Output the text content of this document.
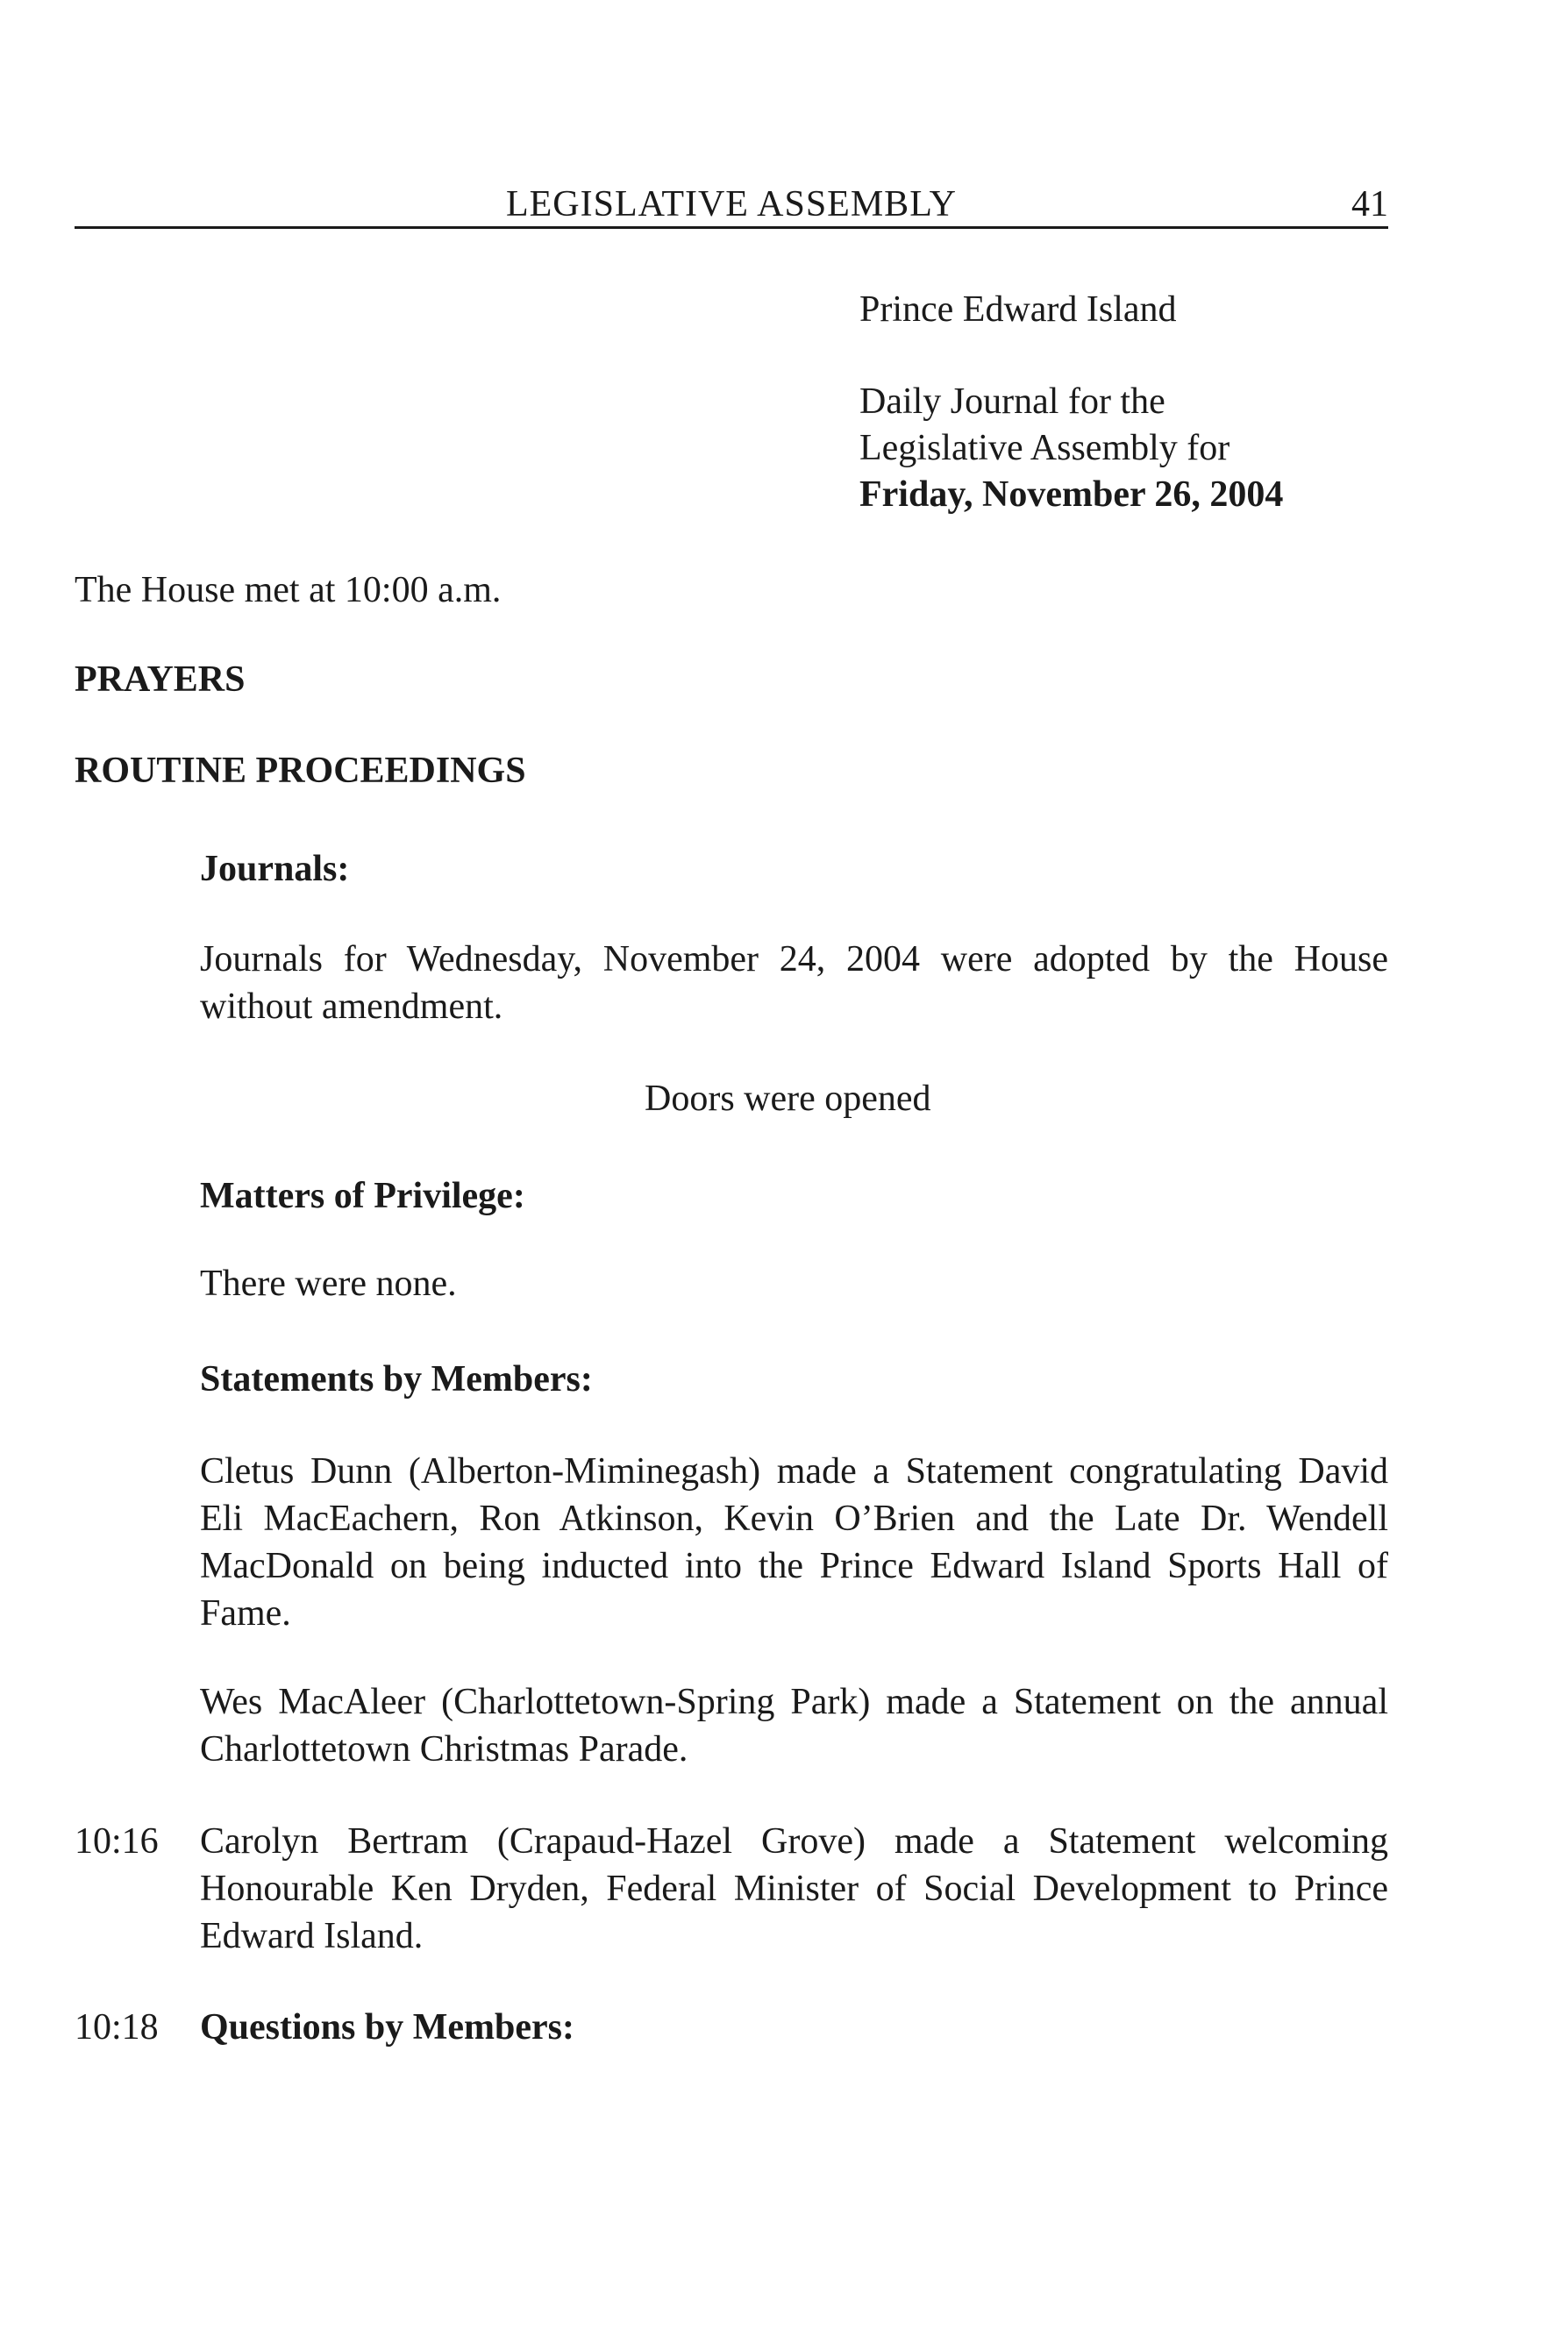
LEGISLATIVE ASSEMBLY	41
Prince Edward Island
Daily Journal for the
Legislative Assembly for
Friday, November 26, 2004
The House met at 10:00 a.m.
PRAYERS
ROUTINE PROCEEDINGS
Journals:
Journals for Wednesday, November 24, 2004 were adopted by the House without amendment.
Doors were opened
Matters of Privilege:
There were none.
Statements by Members:
Cletus Dunn (Alberton-Miminegash) made a Statement congratulating David Eli MacEachern, Ron Atkinson, Kevin O’Brien and the Late Dr. Wendell MacDonald on being inducted into the Prince Edward Island Sports Hall of Fame.
Wes MacAleer (Charlottetown-Spring Park) made a Statement on the annual Charlottetown Christmas Parade.
10:16 Carolyn Bertram (Crapaud-Hazel Grove) made a Statement welcoming Honourable Ken Dryden, Federal Minister of Social Development to Prince Edward Island.
10:18 Questions by Members:
